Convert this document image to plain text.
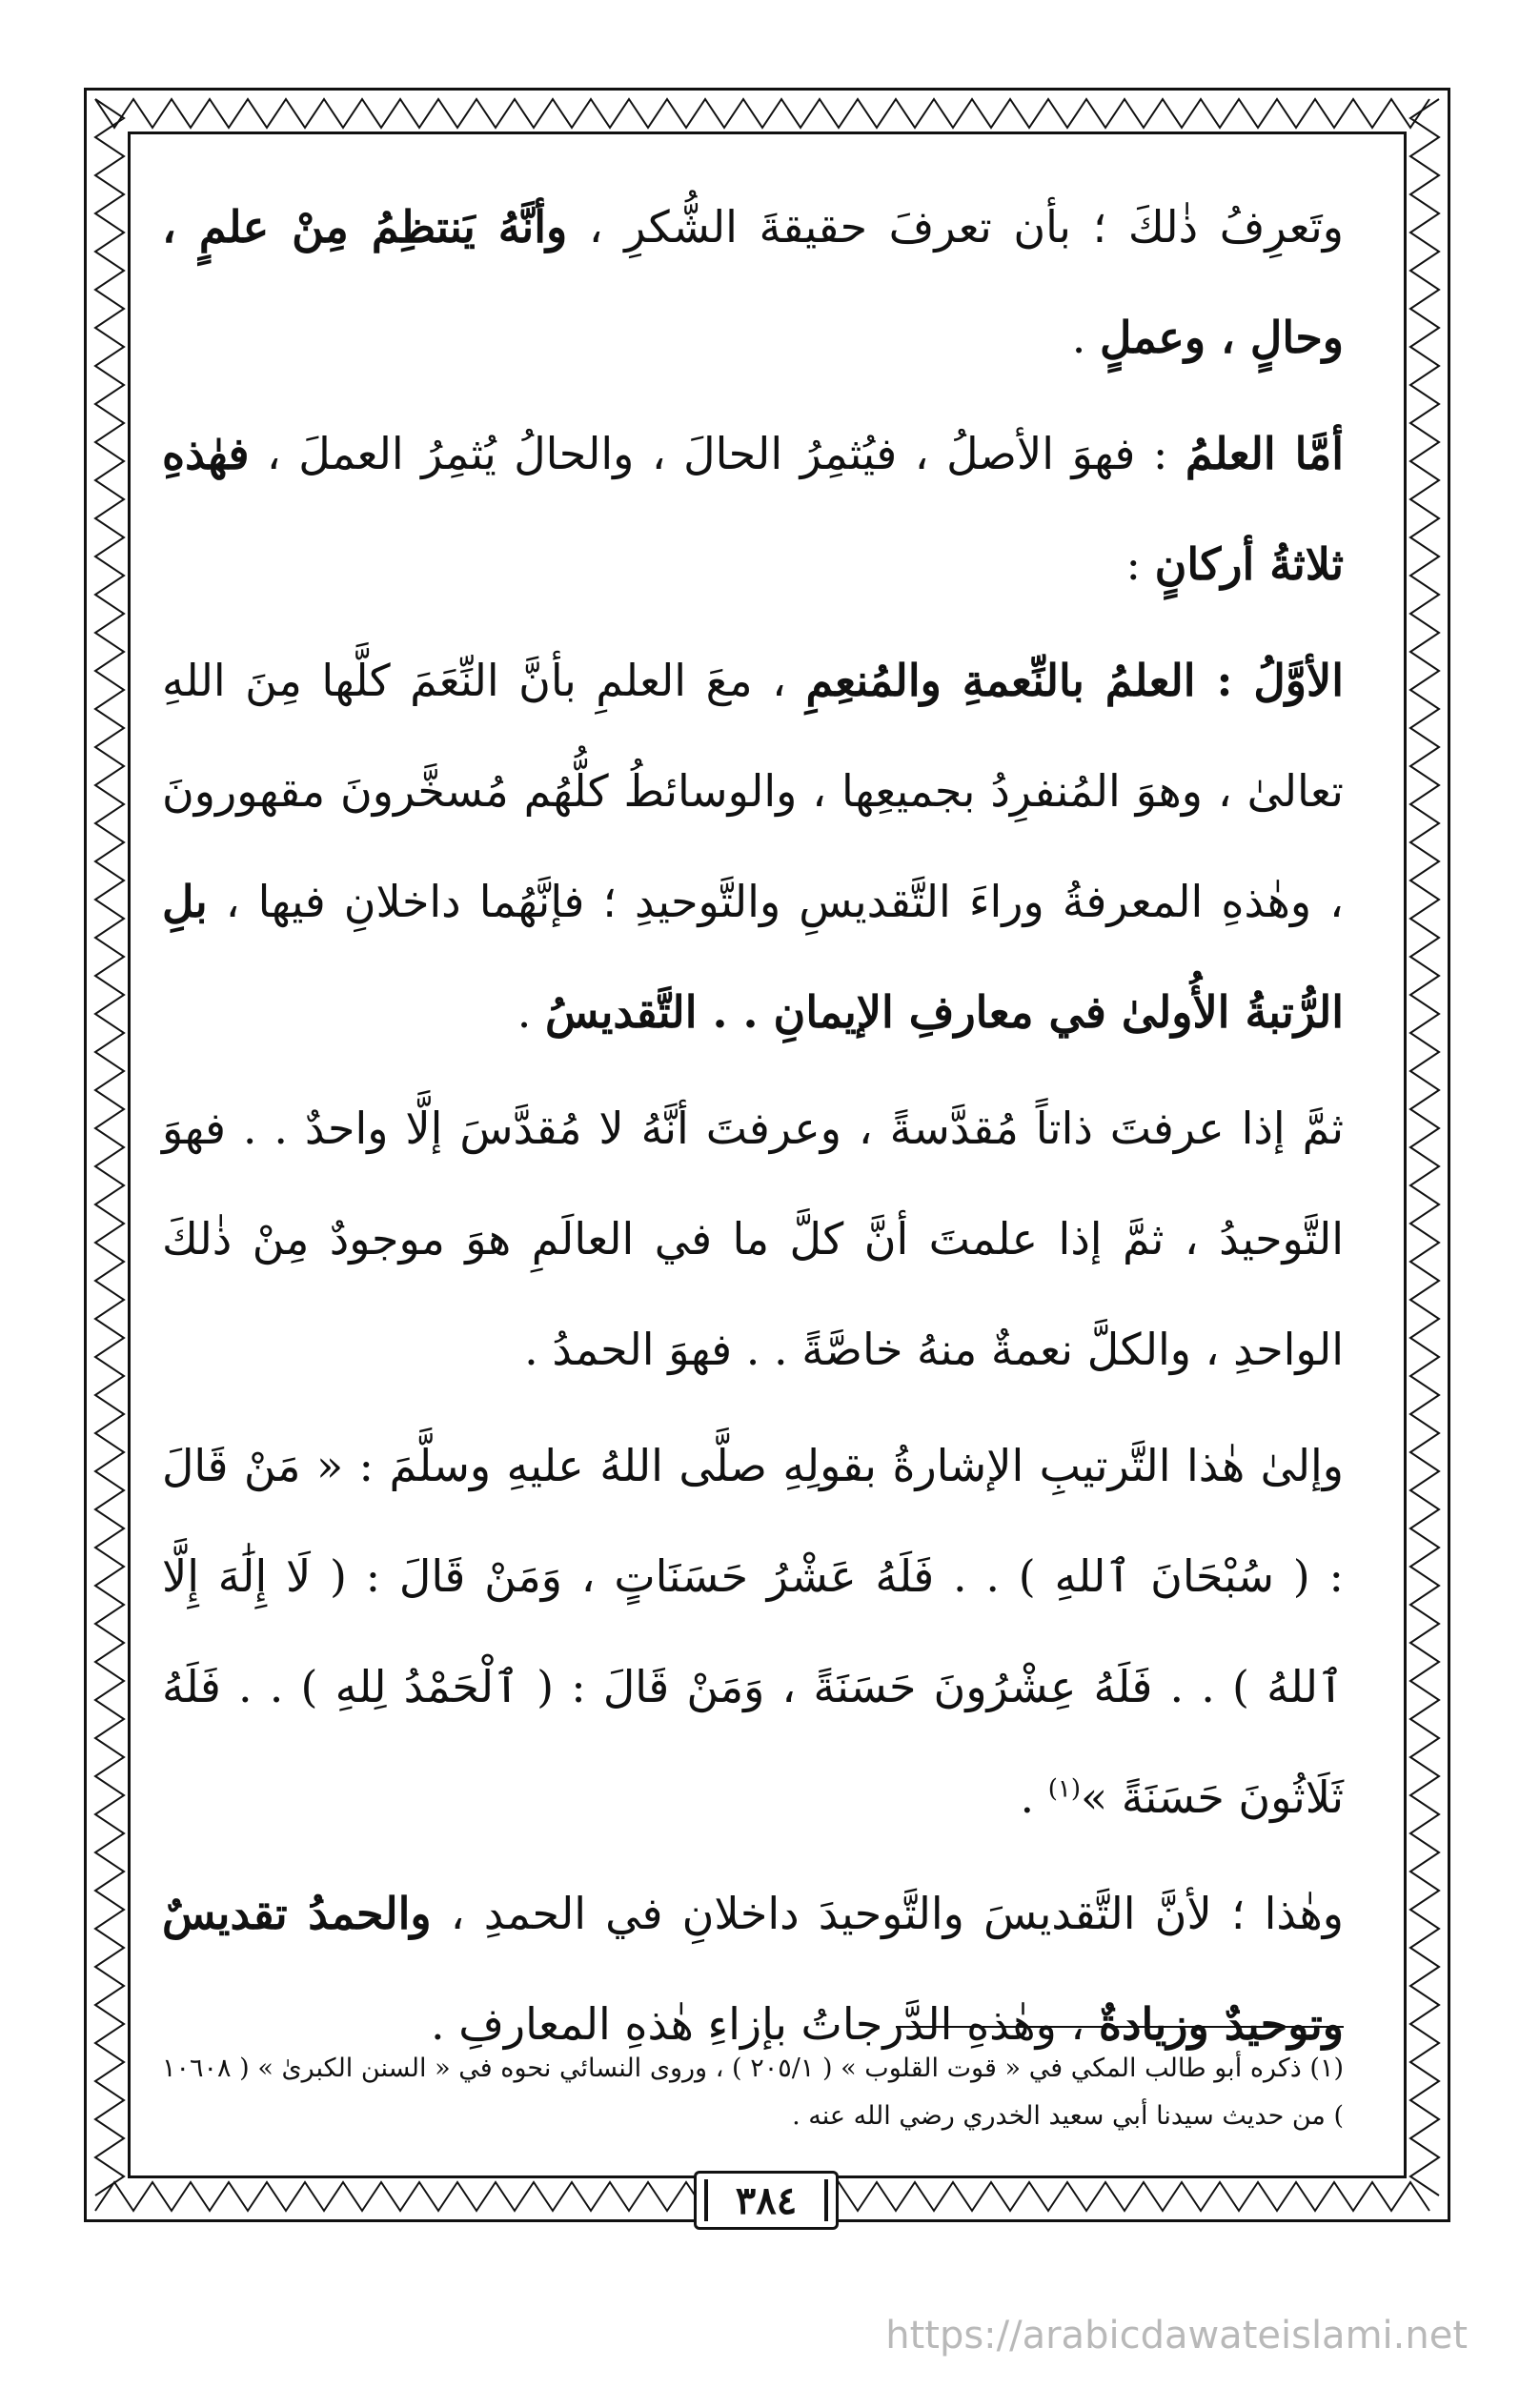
وتَعرِفُ ذٰلكَ ؛ بأن تعرفَ حقيقةَ الشُّكرِ ، وأنَّهُ يَنتظِمُ مِنْ علمٍ ، وحالٍ ، وعملٍ .

أمَّا العلمُ : فهوَ الأصلُ ، فيُثمِرُ الحالَ ، والحالُ يُثمِرُ العملَ ، فهٰذهِ ثلاثةُ أركانٍ :

الأوَّلُ : العلمُ بالنِّعمةِ والمُنعِمِ ، معَ العلمِ بأنَّ النِّعَمَ كلَّها مِنَ اللهِ تعالىٰ ، وهوَ المُنفرِدُ بجميعِها ، والوسائطُ كلُّهُم مُسخَّرونَ مقهورونَ ، وهٰذهِ المعرفةُ وراءَ التَّقديسِ والتَّوحيدِ ؛ فإنَّهُما داخلانِ فيها ، بلِ الرُّتبةُ الأُولىٰ في معارفِ الإيمانِ . . التَّقديسُ .

ثمَّ إذا عرفتَ ذاتاً مُقدَّسةً ، وعرفتَ أنَّهُ لا مُقدَّسَ إلَّا واحدٌ . . فهوَ التَّوحيدُ ، ثمَّ إذا علمتَ أنَّ كلَّ ما في العالَمِ هوَ موجودٌ مِنْ ذٰلكَ الواحدِ ، والكلَّ نعمةٌ منهُ خاصَّةً . . فهوَ الحمدُ .

وإلىٰ هٰذا التَّرتيبِ الإشارةُ بقولِهِ صلَّى اللهُ عليهِ وسلَّمَ : « مَنْ قَالَ : ( سُبْحَانَ ٱللهِ ) . . فَلَهُ عَشْرُ حَسَنَاتٍ ، وَمَنْ قَالَ : ( لَا إِلَٰهَ إِلَّا ٱللهُ ) . . فَلَهُ عِشْرُونَ حَسَنَةً ، وَمَنْ قَالَ : ( ٱلْحَمْدُ لِلهِ ) . . فَلَهُ ثَلَاثُونَ حَسَنَةً »$^{(١)}$ .

وهٰذا ؛ لأنَّ التَّقديسَ والتَّوحيدَ داخلانِ في الحمدِ ، والحمدُ تقديسٌ وتوحيدٌ وزيادةٌ ، وهٰذهِ الدَّرجاتُ بإزاءِ هٰذهِ المعارفِ .

(١) ذكره أبو طالب المكي في « قوت القلوب » ( ٢٠٥/١ ) ، وروى النسائي نحوه في « السنن الكبرىٰ » ( ١٠٦٠٨ ) من حديث سيدنا أبي سعيد الخدري رضي الله عنه .
٣٨٤
https://arabicdawateislami.net
